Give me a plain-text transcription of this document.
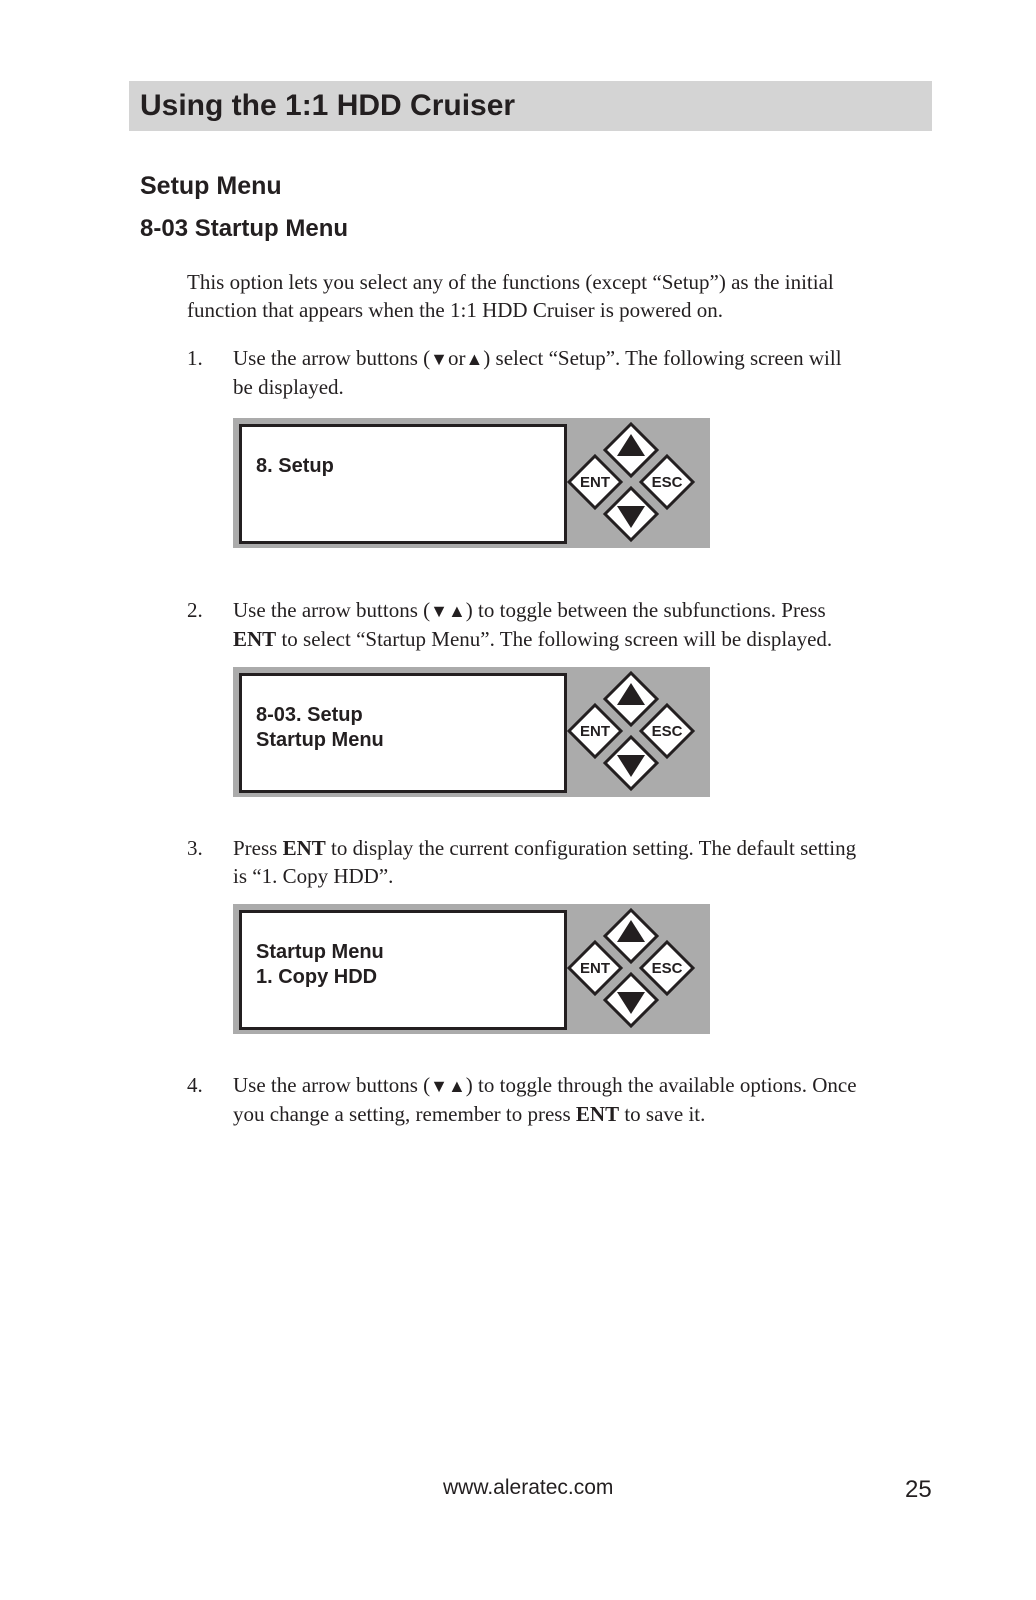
Using the 1:1 HDD Cruiser
Setup Menu
8-03 Startup Menu
This option lets you select any of the functions (except “Setup”) as the initial
function that appears when the 1:1 HDD Cruiser is powered on.
1. Use the arrow buttons (▼or▲) select “Setup”. The following screen will
be displayed.
8. Setup
ENT	ESC
2. Use the arrow buttons (▼▲) to toggle between the subfunctions. Press
ENT to select “Startup Menu”. The following screen will be displayed.
8-03. Setup
Startup Menu	ENT	ESC
3. Press ENT to display the current configuration setting. The default setting
is “1. Copy HDD”.
Startup Menu
1. Copy HDD	ENT	ESC
4. Use the arrow buttons (▼▲) to toggle through the available options. Once
you change a setting, remember to press ENT to save it.
www.aleratec.com	25
